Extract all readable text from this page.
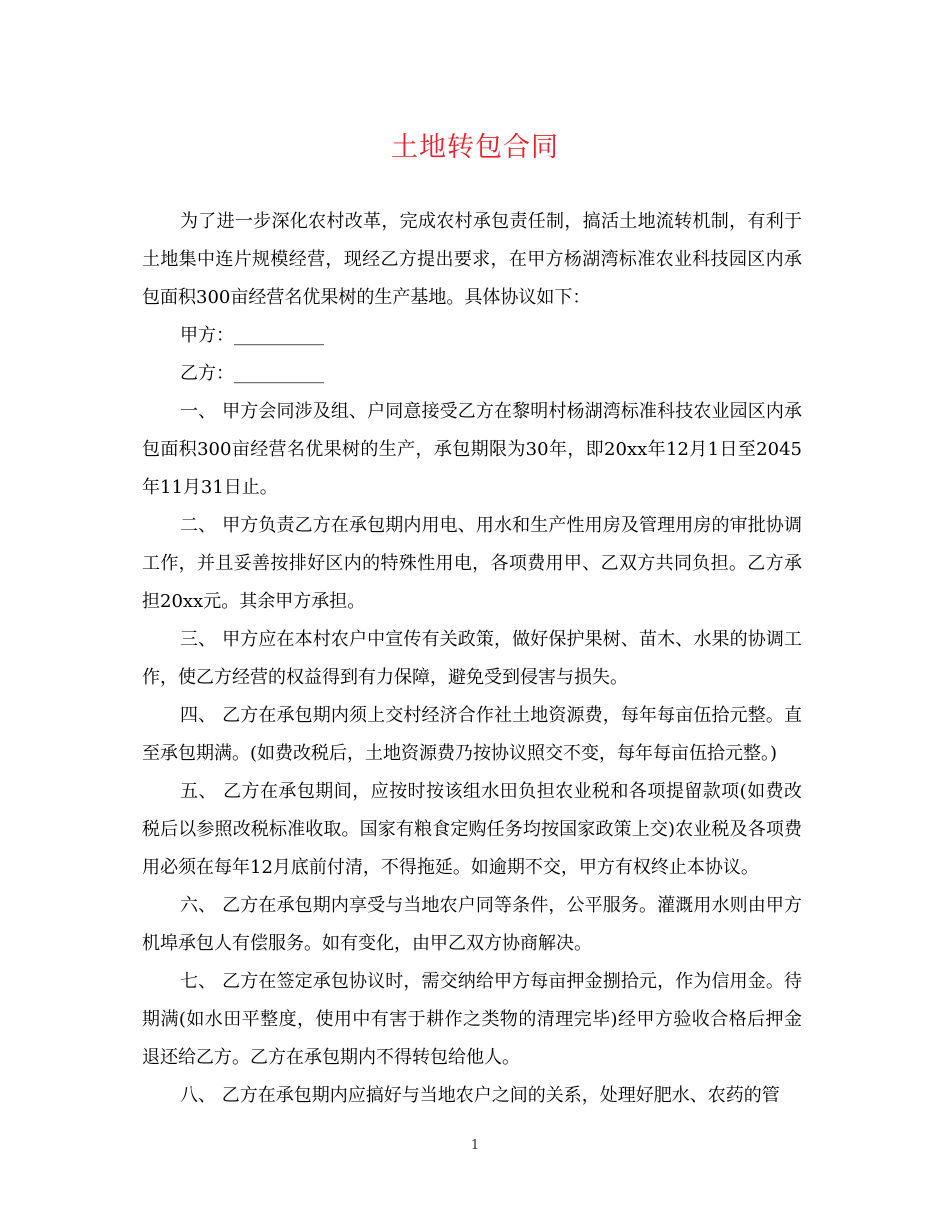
土地转包合同

为了进一步深化农村改革，完成农村承包责任制，搞活土地流转机制，有利于土地集中连片规模经营，现经乙方提出要求，在甲方杨湖湾标准农业科技园区内承包面积300亩经营名优果树的生产基地。具体协议如下：

甲方：__________

乙方：__________

一、 甲方会同涉及组、户同意接受乙方在黎明村杨湖湾标准科技农业园区内承包面积300亩经营名优果树的生产，承包期限为30年，即20xx年12月1日至2045年11月31日止。

二、 甲方负责乙方在承包期内用电、用水和生产性用房及管理用房的审批协调工作，并且妥善按排好区内的特殊性用电，各项费用甲、乙双方共同负担。乙方承担20xx元。其余甲方承担。

三、 甲方应在本村农户中宣传有关政策，做好保护果树、苗木、水果的协调工作，使乙方经营的权益得到有力保障，避免受到侵害与损失。

四、 乙方在承包期内须上交村经济合作社土地资源费，每年每亩伍拾元整。直至承包期满。(如费改税后，土地资源费乃按协议照交不变，每年每亩伍拾元整。)

五、 乙方在承包期间，应按时按该组水田负担农业税和各项提留款项(如费改税后以参照改税标准收取。国家有粮食定购任务均按国家政策上交)农业税及各项费用必须在每年12月底前付清，不得拖延。如逾期不交，甲方有权终止本协议。

六、 乙方在承包期内享受与当地农户同等条件，公平服务。灌溉用水则由甲方机埠承包人有偿服务。如有变化，由甲乙双方协商解决。

七、 乙方在签定承包协议时，需交纳给甲方每亩押金捌拾元，作为信用金。待期满(如水田平整度，使用中有害于耕作之类物的清理完毕)经甲方验收合格后押金退还给乙方。乙方在承包期内不得转包给他人。

八、 乙方在承包期内应搞好与当地农户之间的关系，处理好肥水、农药的管

1
